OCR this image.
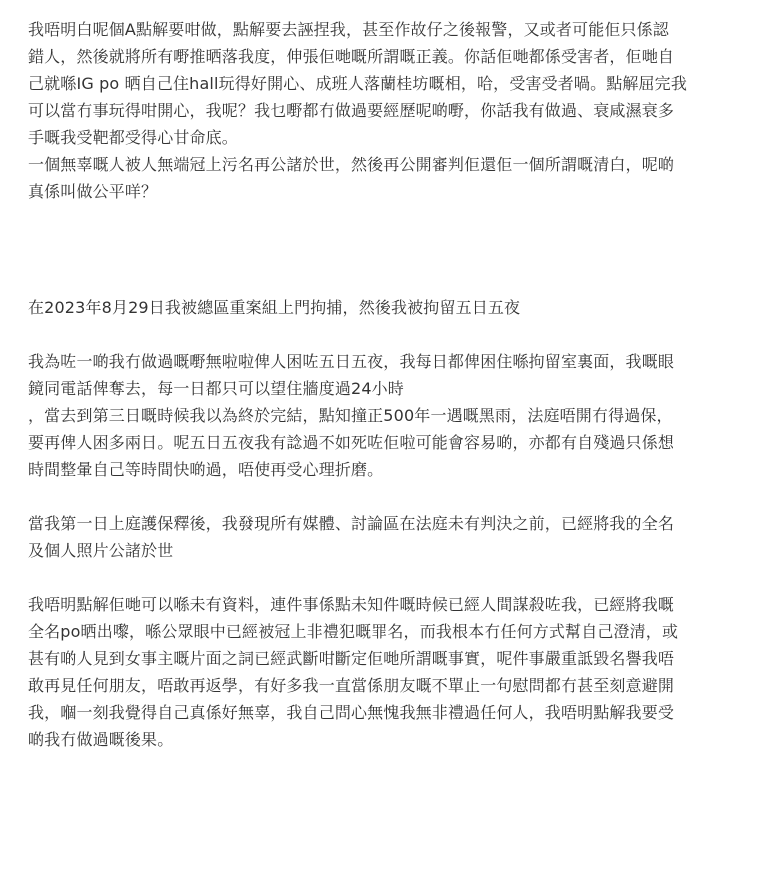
我唔明白呢個A點解要咁做，點解要去誣捏我，甚至作故仔之後報警，又或者可能佢只係認
錯人，然後就將所有嘢推晒落我度，伸張佢哋嘅所謂嘅正義。你話佢哋都係受害者，佢哋自
己就喺IG po 晒自己住hall玩得好開心、成班人落蘭桂坊嘅相，哈，受害受者喎。點解屈完我
可以當冇事玩得咁開心，我呢？我乜嘢都冇做過要經歷呢啲嘢，你話我有做過、衰咸濕衰多
手嘅我受靶都受得心甘命底。
一個無辜嘅人被人無端冠上污名再公諸於世，然後再公開審判佢還佢一個所謂嘅清白，呢啲
真係叫做公平咩？
在2023年8月29日我被總區重案組上門拘捕，然後我被拘留五日五夜
我為咗一啲我冇做過嘅嘢無啦啦俾人困咗五日五夜，我每日都俾困住喺拘留室裏面，我嘅眼
鏡同電話俾奪去，每一日都只可以望住牆度過24小時
，當去到第三日嘅時候我以為終於完結，點知撞正500年一遇嘅黑雨，法庭唔開冇得過保，
要再俾人困多兩日。呢五日五夜我有諗過不如死咗佢啦可能會容易啲，亦都有自殘過只係想
時間整暈自己等時間快啲過，唔使再受心理折磨。
當我第一日上庭護保釋後，我發現所有媒體、討論區在法庭未有判決之前，已經將我的全名
及個人照片公諸於世
我唔明點解佢哋可以喺未有資料，連件事係點未知件嘅時候已經人間謀殺咗我，已經將我嘅
全名po晒出嚟，喺公眾眼中已經被冠上非禮犯嘅罪名，而我根本冇任何方式幫自己澄清，或
甚有啲人見到女事主嘅片面之詞已經武斷咁斷定佢哋所謂嘅事實，呢件事嚴重詆毀名譽我唔
敢再見任何朋友，唔敢再返學，有好多我一直當係朋友嘅不單止一句慰問都冇甚至刻意避開
我，嗰一刻我覺得自己真係好無辜，我自己問心無愧我無非禮過任何人，我唔明點解我要受
啲我冇做過嘅後果。
